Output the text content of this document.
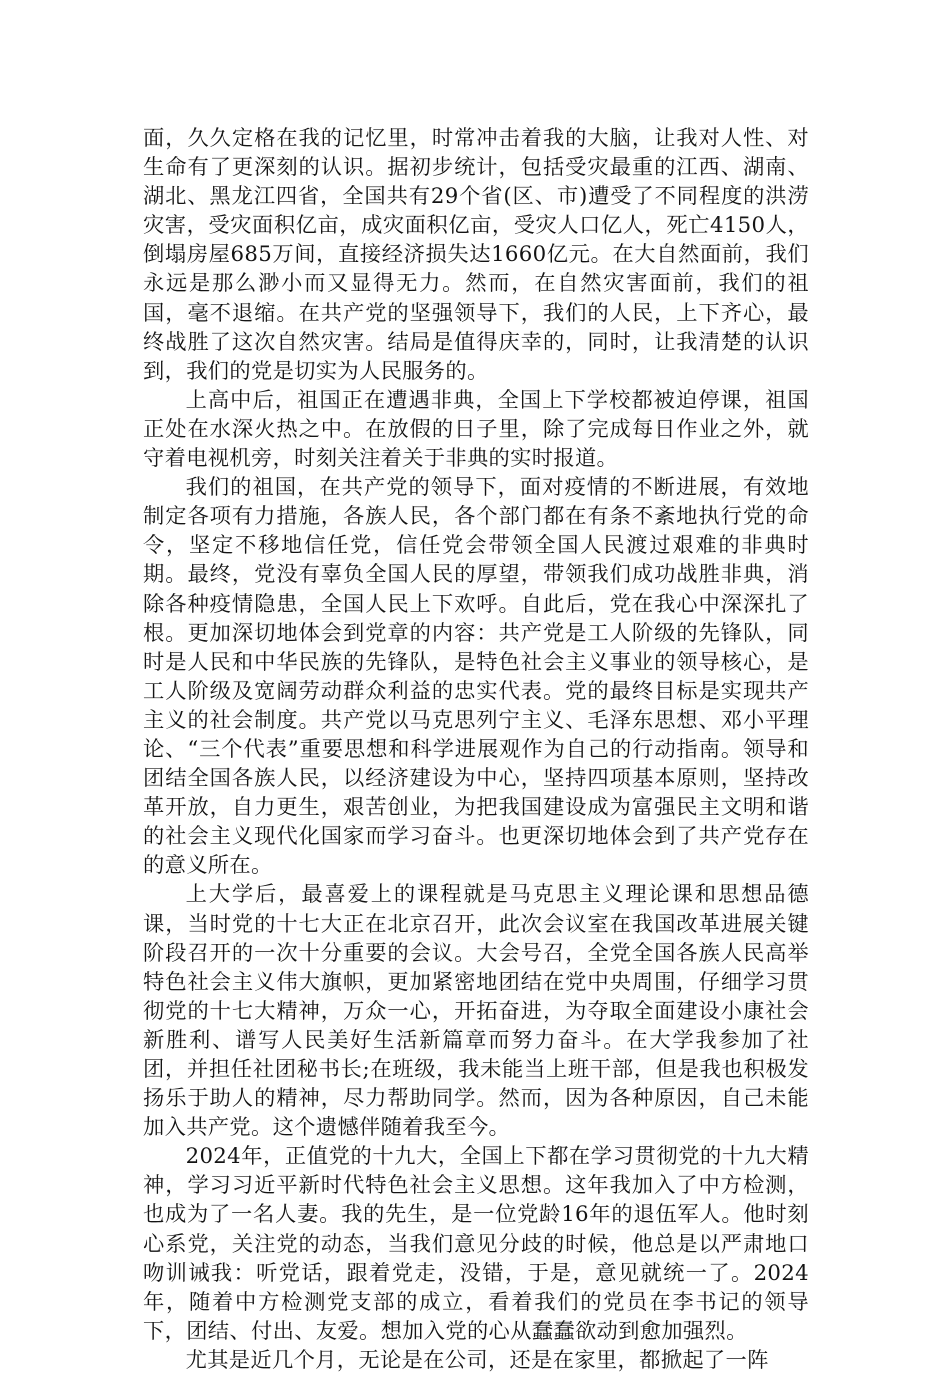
面，久久定格在我的记忆里，时常冲击着我的大脑，让我对人性、对生命有了更深刻的认识。据初步统计，包括受灾最重的江西、湖南、湖北、黑龙江四省，全国共有29个省(区、市)遭受了不同程度的洪涝灾害，受灾面积亿亩，成灾面积亿亩，受灾人口亿人，死亡4150人，倒塌房屋685万间，直接经济损失达1660亿元。在大自然面前，我们永远是那么渺小而又显得无力。然而，在自然灾害面前，我们的祖国，毫不退缩。在共产党的坚强领导下，我们的人民，上下齐心，最终战胜了这次自然灾害。结局是值得庆幸的，同时，让我清楚的认识到，我们的党是切实为人民服务的。

上高中后，祖国正在遭遇非典，全国上下学校都被迫停课，祖国正处在水深火热之中。在放假的日子里，除了完成每日作业之外，就守着电视机旁，时刻关注着关于非典的实时报道。

我们的祖国，在共产党的领导下，面对疫情的不断进展，有效地制定各项有力措施，各族人民，各个部门都在有条不紊地执行党的命令，坚定不移地信任党，信任党会带领全国人民渡过艰难的非典时期。最终，党没有辜负全国人民的厚望，带领我们成功战胜非典，消除各种疫情隐患，全国人民上下欢呼。自此后，党在我心中深深扎了根。更加深切地体会到党章的内容：共产党是工人阶级的先锋队，同时是人民和中华民族的先锋队，是特色社会主义事业的领导核心，是工人阶级及宽阔劳动群众利益的忠实代表。党的最终目标是实现共产主义的社会制度。共产党以马克思列宁主义、毛泽东思想、邓小平理论、“三个代表”重要思想和科学进展观作为自己的行动指南。领导和团结全国各族人民，以经济建设为中心，坚持四项基本原则，坚持改革开放，自力更生，艰苦创业，为把我国建设成为富强民主文明和谐的社会主义现代化国家而学习奋斗。也更深切地体会到了共产党存在的意义所在。

上大学后，最喜爱上的课程就是马克思主义理论课和思想品德课，当时党的十七大正在北京召开，此次会议室在我国改革进展关键阶段召开的一次十分重要的会议。大会号召，全党全国各族人民高举特色社会主义伟大旗帜，更加紧密地团结在党中央周围，仔细学习贯彻党的十七大精神，万众一心，开拓奋进，为夺取全面建设小康社会新胜利、谱写人民美好生活新篇章而努力奋斗。在大学我参加了社团，并担任社团秘书长;在班级，我未能当上班干部，但是我也积极发扬乐于助人的精神，尽力帮助同学。然而，因为各种原因，自己未能加入共产党。这个遗憾伴随着我至今。

2024年，正值党的十九大，全国上下都在学习贯彻党的十九大精神，学习习近平新时代特色社会主义思想。这年我加入了中方检测，也成为了一名人妻。我的先生，是一位党龄16年的退伍军人。他时刻心系党，关注党的动态，当我们意见分歧的时候，他总是以严肃地口吻训诫我：听党话，跟着党走，没错，于是，意见就统一了。2024年，随着中方检测党支部的成立，看着我们的党员在李书记的领导下，团结、付出、友爱。想加入党的心从蠢蠢欲动到愈加强烈。

尤其是近几个月，无论是在公司，还是在家里，都掀起了一阵
